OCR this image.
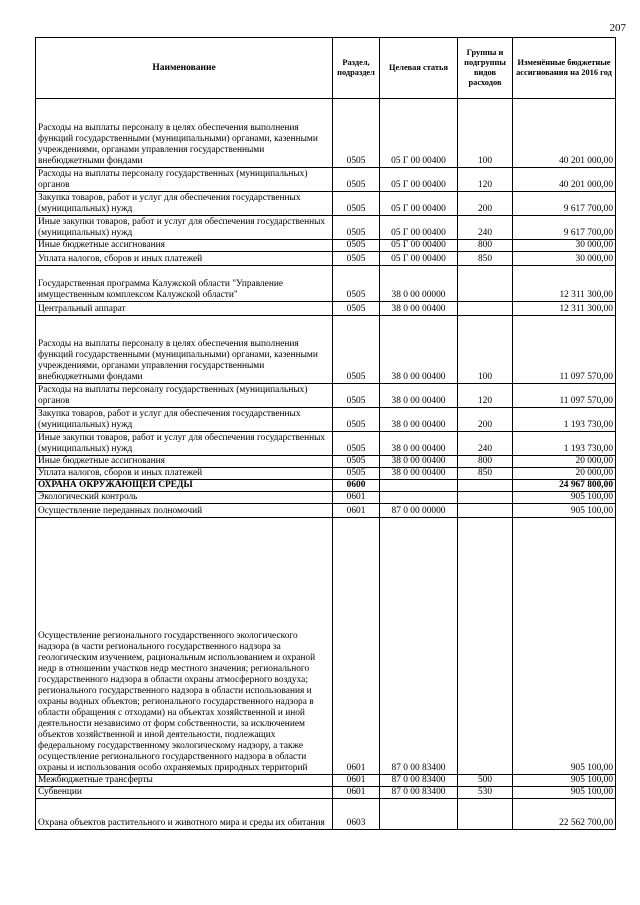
207
Наименование	Раздел, подраздел	Целевая статья	Группы и подгруппы видов расходов	Изменённые бюджетные ассигнования на 2016 год
Расходы на выплаты персоналу в целях обеспечения выполнения функций государственными (муниципальными) органами, казенными учреждениями, органами управления государственными внебюджетными фондами	0505	05 Г 00 00400	100	40 201 000,00
Расходы на выплаты персоналу государственных (муниципальных) органов	0505	05 Г 00 00400	120	40 201 000,00
Закупка товаров, работ и услуг для обеспечения государственных (муниципальных) нужд	0505	05 Г 00 00400	200	9 617 700,00
Иные закупки товаров, работ и услуг для обеспечения государственных (муниципальных) нужд	0505	05 Г 00 00400	240	9 617 700,00
Иные бюджетные ассигнования	0505	05 Г 00 00400	800	30 000,00
Уплата налогов, сборов и иных платежей	0505	05 Г 00 00400	850	30 000,00
Государственная программа Калужской области "Управление имущественным комплексом Калужской области"	0505	38 0 00 00000		12 311 300,00
Центральный аппарат	0505	38 0 00 00400		12 311 300,00
Расходы на выплаты персоналу в целях обеспечения выполнения функций государственными (муниципальными) органами, казенными учреждениями, органами управления государственными внебюджетными фондами	0505	38 0 00 00400	100	11 097 570,00
Расходы на выплаты персоналу государственных (муниципальных) органов	0505	38 0 00 00400	120	11 097 570,00
Закупка товаров, работ и услуг для обеспечения государственных (муниципальных) нужд	0505	38 0 00 00400	200	1 193 730,00
Иные закупки товаров, работ и услуг для обеспечения государственных (муниципальных) нужд	0505	38 0 00 00400	240	1 193 730,00
Иные бюджетные ассигнования	0505	38 0 00 00400	800	20 000,00
Уплата налогов, сборов и иных платежей	0505	38 0 00 00400	850	20 000,00
ОХРАНА ОКРУЖАЮЩЕЙ СРЕДЫ	0600			24 967 800,00
Экологический контроль	0601			905 100,00
Осуществление переданных полномочий	0601	87 0 00 00000		905 100,00
Осуществление регионального государственного экологического надзора (в части регионального государственного надзора за геологическим изучением, рациональным использованием и охраной недр в отношении участков недр местного значения; регионального государственного надзора в области охраны атмосферного воздуха; регионального государственного надзора в области использования и охраны водных объектов; регионального государственного надзора в области обращения с отходами) на объектах хозяйственной и иной деятельности независимо от форм собственности, за исключением объектов хозяйственной и иной деятельности, подлежащих федеральному государственному экологическому надзору, а также осуществление регионального государственного надзора в области охраны и использования особо охраняемых природных территорий	0601	87 0 00 83400		905 100,00
Межбюджетные трансферты	0601	87 0 00 83400	500	905 100,00
Субвенции	0601	87 0 00 83400	530	905 100,00
Охрана объектов растительного и животного мира и среды их обитания	0603			22 562 700,00
